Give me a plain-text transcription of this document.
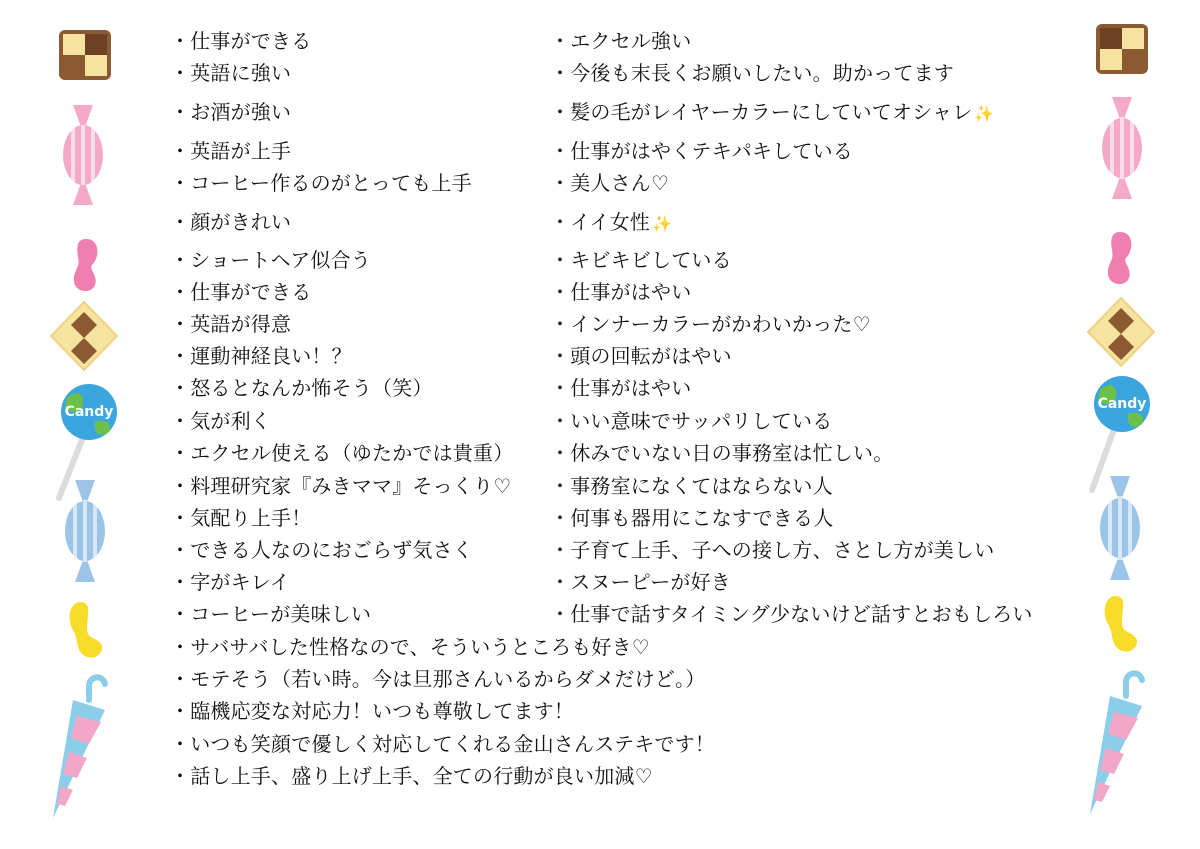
Candy	Candy
・仕事ができる
・英語に強い
・お酒が強い
・英語が上手
・コーヒー作るのがとっても上手
・顔がきれい
・ショートヘア似合う
・仕事ができる
・英語が得意
・運動神経良い！？
・怒るとなんか怖そう（笑）
・気が利く
・エクセル使える（ゆたかでは貴重）
・料理研究家『みきママ』そっくり♡
・気配り上手！
・できる人なのにおごらず気さく
・字がキレイ
・コーヒーが美味しい
・エクセル強い
・今後も末長くお願いしたい。助かってます
・髪の毛がレイヤーカラーにしていてオシャレ ✨
・仕事がはやくテキパキしている
・美人さん♡
・イイ女性 ✨
・キビキビしている
・仕事がはやい
・インナーカラーがかわいかった♡
・頭の回転がはやい
・仕事がはやい
・いい意味でサッパリしている
・休みでいない日の事務室は忙しい。
・事務室になくてはならない人
・何事も器用にこなすできる人
・子育て上手、子への接し方、さとし方が美しい
・スヌーピーが好き
・仕事で話すタイミング少ないけど話すとおもしろい
・サバサバした性格なので、そういうところも好き♡
・モテそう（若い時。今は旦那さんいるからダメだけど。）
・臨機応変な対応力！いつも尊敬してます！
・いつも笑顔で優しく対応してくれる金山さんステキです！
・話し上手、盛り上げ上手、全ての行動が良い加減♡
